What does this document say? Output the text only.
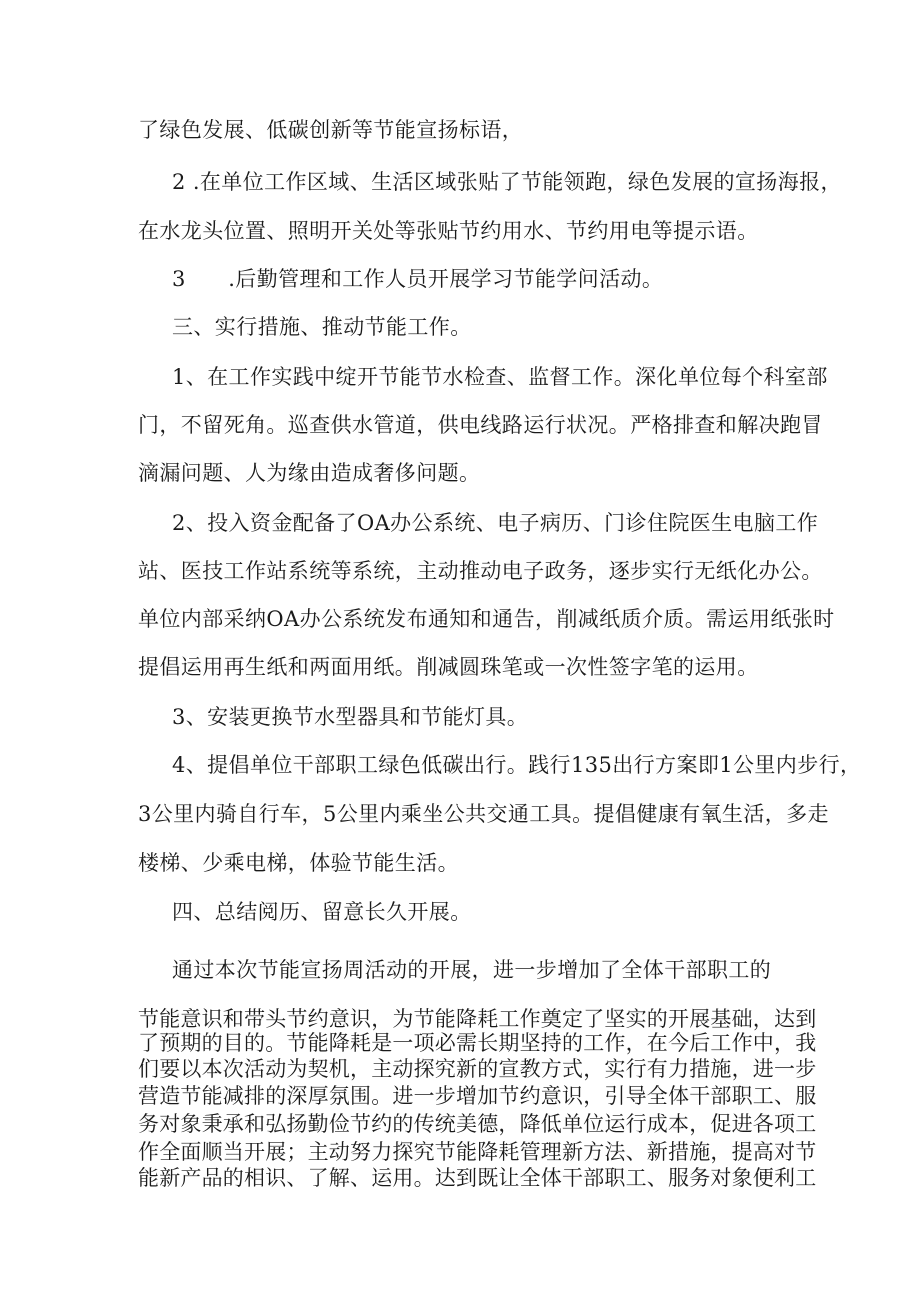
了绿色发展、低碳创新等节能宣扬标语，
2 .在单位工作区域、生活区域张贴了节能领跑，绿色发展的宣扬海报，
在水龙头位置、照明开关处等张贴节约用水、节约用电等提示语。
3      .后勤管理和工作人员开展学习节能学问活动。
三、实行措施、推动节能工作。
1、在工作实践中绽开节能节水检查、监督工作。深化单位每个科室部
门，不留死角。巡查供水管道，供电线路运行状况。严格排查和解决跑冒
滴漏问题、人为缘由造成奢侈问题。
2、投入资金配备了OA办公系统、电子病历、门诊住院医生电脑工作
站、医技工作站系统等系统，主动推动电子政务，逐步实行无纸化办公。
单位内部采纳OA办公系统发布通知和通告，削减纸质介质。需运用纸张时
提倡运用再生纸和两面用纸。削减圆珠笔或一次性签字笔的运用。
3、安装更换节水型器具和节能灯具。
4、提倡单位干部职工绿色低碳出行。践行135出行方案即1公里内步行，
3公里内骑自行车，5公里内乘坐公共交通工具。提倡健康有氧生活，多走
楼梯、少乘电梯，体验节能生活。
四、总结阅历、留意长久开展。
通过本次节能宣扬周活动的开展，进一步增加了全体干部职工的
节能意识和带头节约意识，为节能降耗工作奠定了坚实的开展基础，达到
了预期的目的。节能降耗是一项必需长期坚持的工作，在今后工作中，我
们要以本次活动为契机，主动探究新的宣教方式，实行有力措施，进一步
营造节能减排的深厚氛围。进一步增加节约意识，引导全体干部职工、服
务对象秉承和弘扬勤俭节约的传统美德，降低单位运行成本，促进各项工
作全面顺当开展；主动努力探究节能降耗管理新方法、新措施，提高对节
能新产品的相识、了解、运用。达到既让全体干部职工、服务对象便利工
